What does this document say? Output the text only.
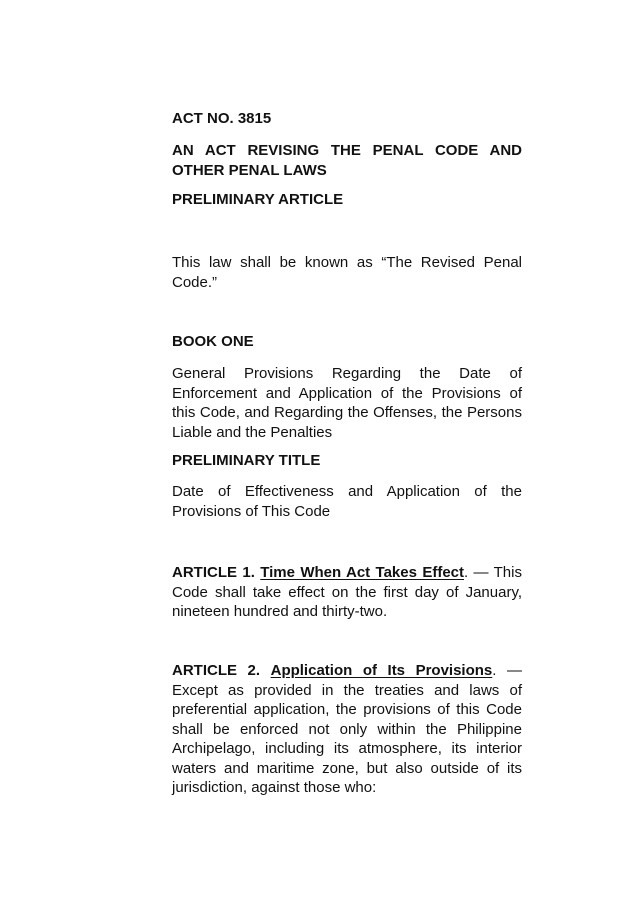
ACT NO. 3815

AN ACT REVISING THE PENAL CODE AND OTHER PENAL LAWS

PRELIMINARY ARTICLE

This law shall be known as “The Revised Penal Code.”

BOOK ONE

General Provisions Regarding the Date of Enforcement and Application of the Provisions of this Code, and Regarding the Offenses, the Persons Liable and the Penalties

PRELIMINARY TITLE

Date of Effectiveness and Application of the Provisions of This Code

ARTICLE 1. Time When Act Takes Effect. — This Code shall take effect on the first day of January, nineteen hundred and thirty-two.

ARTICLE 2. Application of Its Provisions. — Except as provided in the treaties and laws of preferential application, the provisions of this Code shall be enforced not only within the Philippine Archipelago, including its atmosphere, its interior waters and maritime zone, but also outside of its jurisdiction, against those who:
